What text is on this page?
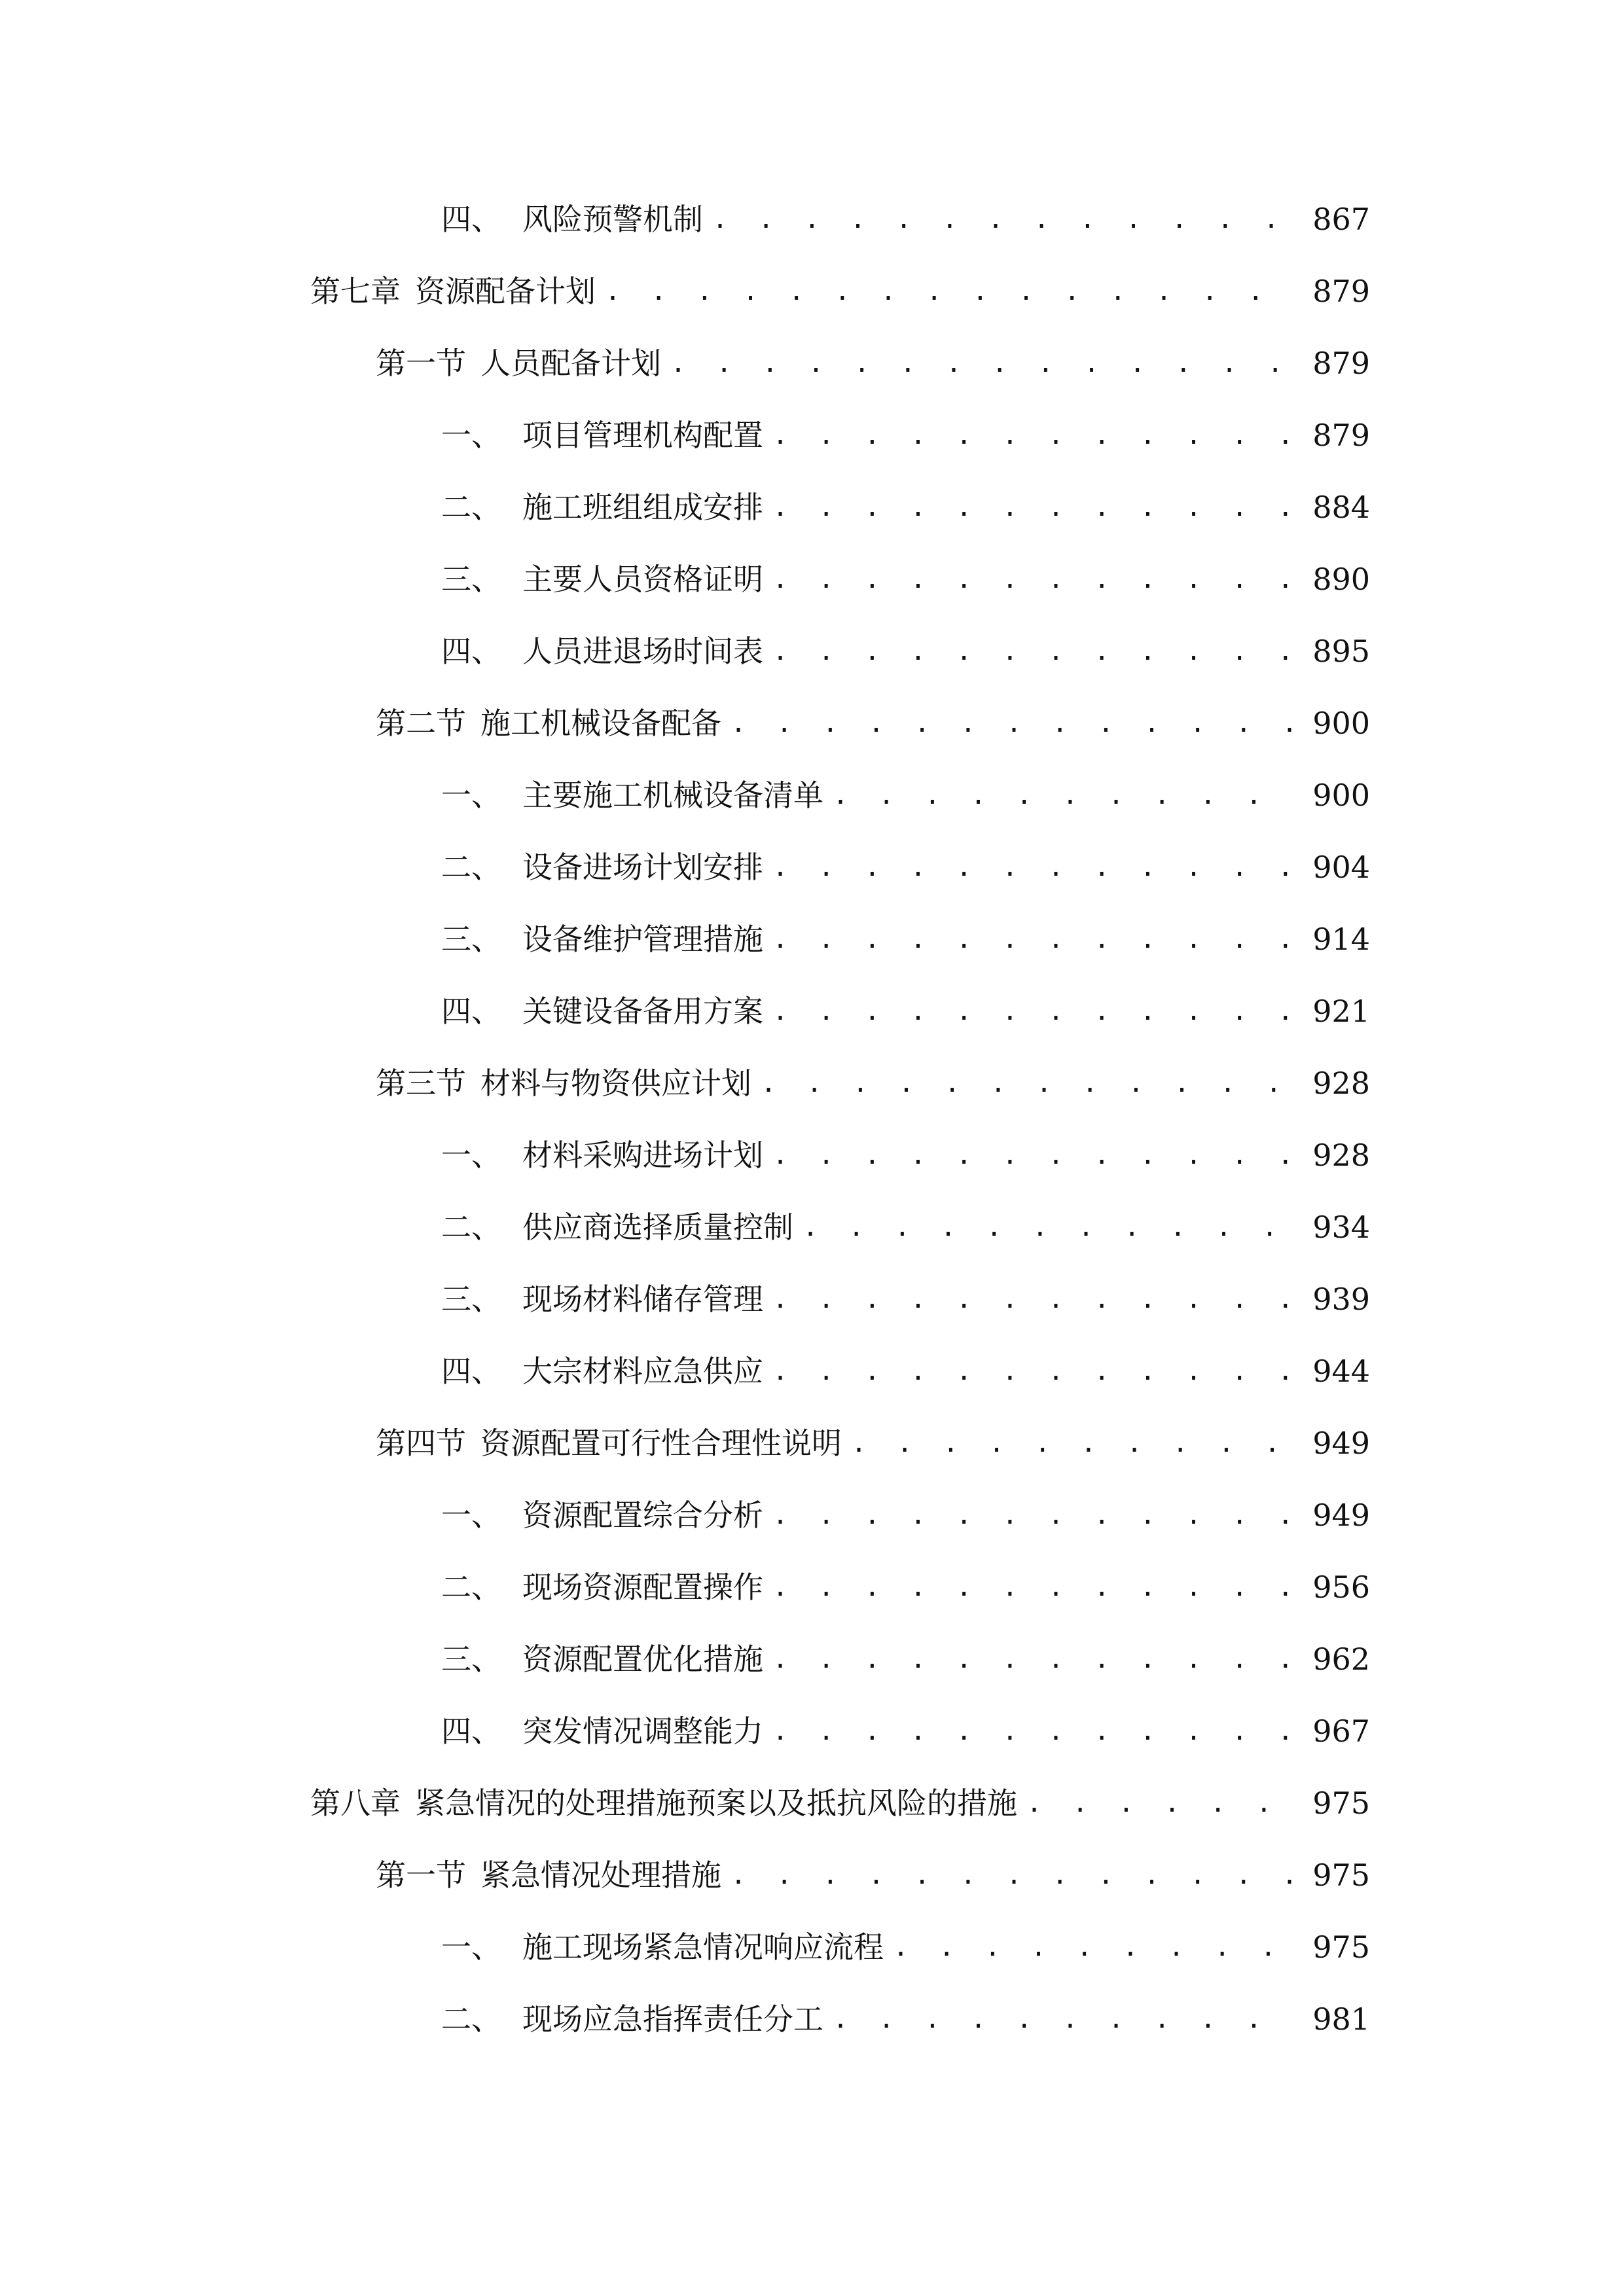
四、 风险预警机制 . . .	867
第七章 资源配备计划 . . .	879
第一节 人员配备计划 . . .	879
一、 项目管理机构配置 . . .	879
二、 施工班组组成安排 . . .	884
三、 主要人员资格证明 . . .	890
四、 人员进退场时间表 . . .	895
第二节 施工机械设备配备 . . .	900
一、 主要施工机械设备清单 . . .	900
二、 设备进场计划安排 . . .	904
三、 设备维护管理措施 . . .	914
四、 关键设备备用方案 . . .	921
第三节 材料与物资供应计划 . . .	928
一、 材料采购进场计划 . . .	928
二、 供应商选择质量控制 . . .	934
三、 现场材料储存管理 . . .	939
四、 大宗材料应急供应 . . .	944
第四节 资源配置可行性合理性说明 . . .	949
一、 资源配置综合分析 . . .	949
二、 现场资源配置操作 . . .	956
三、 资源配置优化措施 . . .	962
四、 突发情况调整能力 . . .	967
第八章 紧急情况的处理措施预案以及抵抗风险的措施 . . .	975
第一节 紧急情况处理措施 . . .	975
一、 施工现场紧急情况响应流程 . . .	975
二、 现场应急指挥责任分工 . . .	981
